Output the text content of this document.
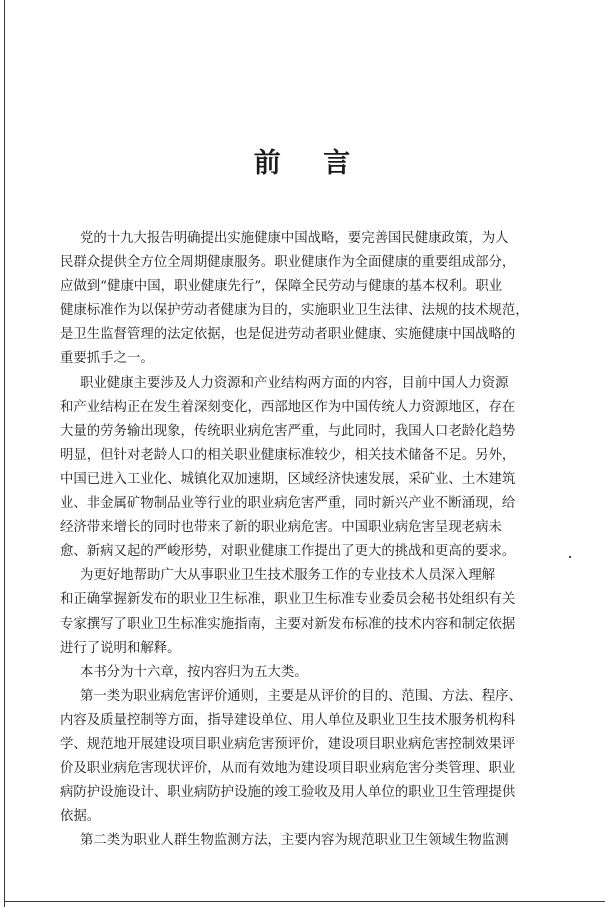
前    言
党的十九大报告明确提出实施健康中国战略，要完善国民健康政策，为人
民群众提供全方位全周期健康服务。职业健康作为全面健康的重要组成部分，
应做到“健康中国，职业健康先行”，保障全民劳动与健康的基本权利。职业
健康标准作为以保护劳动者健康为目的，实施职业卫生法律、法规的技术规范，
是卫生监督管理的法定依据，也是促进劳动者职业健康、实施健康中国战略的
重要抓手之一。
职业健康主要涉及人力资源和产业结构两方面的内容，目前中国人力资源
和产业结构正在发生着深刻变化，西部地区作为中国传统人力资源地区，存在
大量的劳务输出现象，传统职业病危害严重，与此同时，我国人口老龄化趋势
明显，但针对老龄人口的相关职业健康标准较少，相关技术储备不足。另外，
中国已进入工业化、城镇化双加速期，区域经济快速发展，采矿业、土木建筑
业、非金属矿物制品业等行业的职业病危害严重，同时新兴产业不断涌现，给
经济带来增长的同时也带来了新的职业病危害。中国职业病危害呈现老病未
愈、新病又起的严峻形势，对职业健康工作提出了更大的挑战和更高的要求。
为更好地帮助广大从事职业卫生技术服务工作的专业技术人员深入理解
和正确掌握新发布的职业卫生标准，职业卫生标准专业委员会秘书处组织有关
专家撰写了职业卫生标准实施指南，主要对新发布标准的技术内容和制定依据
进行了说明和解释。
本书分为十六章，按内容归为五大类。
第一类为职业病危害评价通则，主要是从评价的目的、范围、方法、程序、
内容及质量控制等方面，指导建设单位、用人单位及职业卫生技术服务机构科
学、规范地开展建设项目职业病危害预评价，建设项目职业病危害控制效果评
价及职业病危害现状评价，从而有效地为建设项目职业病危害分类管理、职业
病防护设施设计、职业病防护设施的竣工验收及用人单位的职业卫生管理提供
依据。
第二类为职业人群生物监测方法，主要内容为规范职业卫生领域生物监测
